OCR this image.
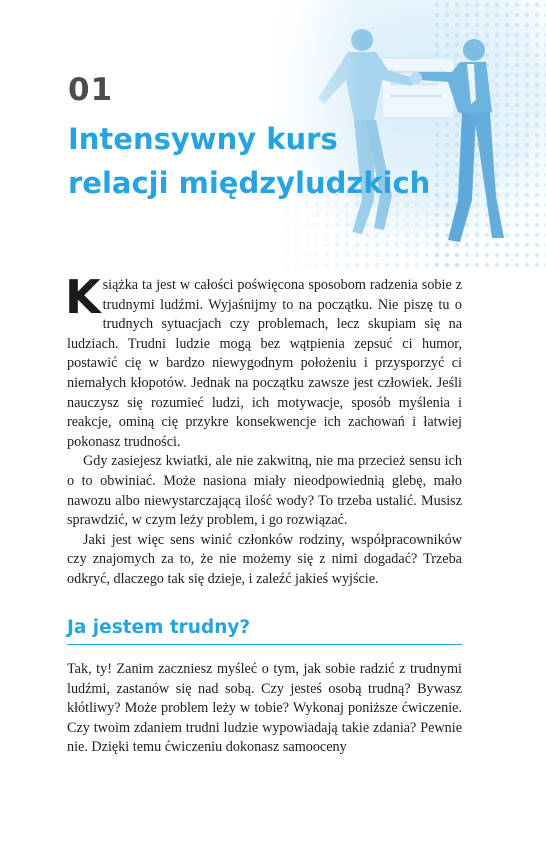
01
Intensywny kurs
relacji międzyludzkich

Książka ta jest w całości poświęcona sposobom radzenia sobie z trudnymi ludźmi. Wyjaśnijmy to na początku. Nie piszę tu o trudnych sytuacjach czy problemach, lecz skupiam się na ludziach. Trudni ludzie mogą bez wątpienia zepsuć ci humor, postawić cię w bardzo niewygodnym położeniu i przysporzyć ci niemałych kłopotów. Jednak na początku zawsze jest człowiek. Jeśli nauczysz się rozumieć ludzi, ich motywacje, sposób myślenia i reakcje, ominą cię przykre konsekwencje ich zachowań i łatwiej pokonasz trudności.

Gdy zasiejesz kwiatki, ale nie zakwitną, nie ma przecież sensu ich o to obwiniać. Może nasiona miały nieodpowiednią glebę, mało nawozu albo niewystarczającą ilość wody? To trzeba ustalić. Musisz sprawdzić, w czym leży problem, i go rozwiązać.

Jaki jest więc sens winić członków rodziny, współpracowników czy znajomych za to, że nie możemy się z nimi dogadać? Trzeba odkryć, dlaczego tak się dzieje, i zaleźć jakieś wyjście.

Ja jestem trudny?

Tak, ty! Zanim zaczniesz myśleć o tym, jak sobie radzić z trudnymi ludźmi, zastanów się nad sobą. Czy jesteś osobą trudną? Bywasz kłótliwy? Może problem leży w tobie? Wykonaj poniższe ćwiczenie. Czy twoim zdaniem trudni ludzie wypowiadają takie zdania? Pewnie nie. Dzięki temu ćwiczeniu dokonasz samooceny
